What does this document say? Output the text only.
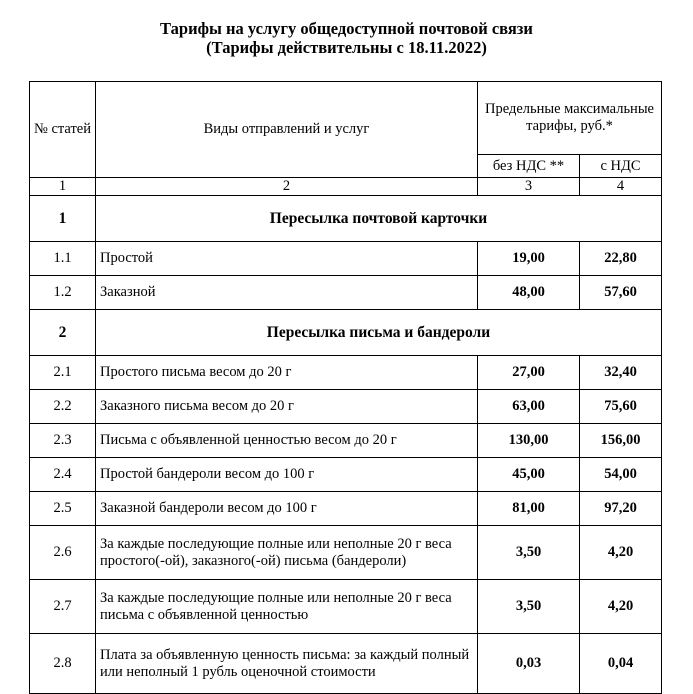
Тарифы на услугу общедоступной почтовой связи
(Тарифы действительны с 18.11.2022)
№ статей	Виды отправлений и услуг	Предельные максимальные тарифы, руб.*	
		без НДС **	с НДС
1	2	3	4
1	Пересылка почтовой карточки		
1.1	Простой	19,00	22,80
1.2	Заказной	48,00	57,60
2	Пересылка письма и бандероли		
2.1	Простого письма весом до 20 г	27,00	32,40
2.2	Заказного письма весом до 20 г	63,00	75,60
2.3	Письма с объявленной ценностью весом до 20 г	130,00	156,00
2.4	Простой бандероли весом до 100 г	45,00	54,00
2.5	Заказной бандероли весом до 100 г	81,00	97,20
2.6	За каждые последующие полные или неполные 20 г веса простого(-ой), заказного(-ой) письма (бандероли)	3,50	4,20
2.7	За каждые последующие полные или неполные 20 г веса письма с объявленной ценностью	3,50	4,20
2.8	Плата за объявленную ценность письма: за каждый полный или неполный 1 рубль оценочной стоимости	0,03	0,04
